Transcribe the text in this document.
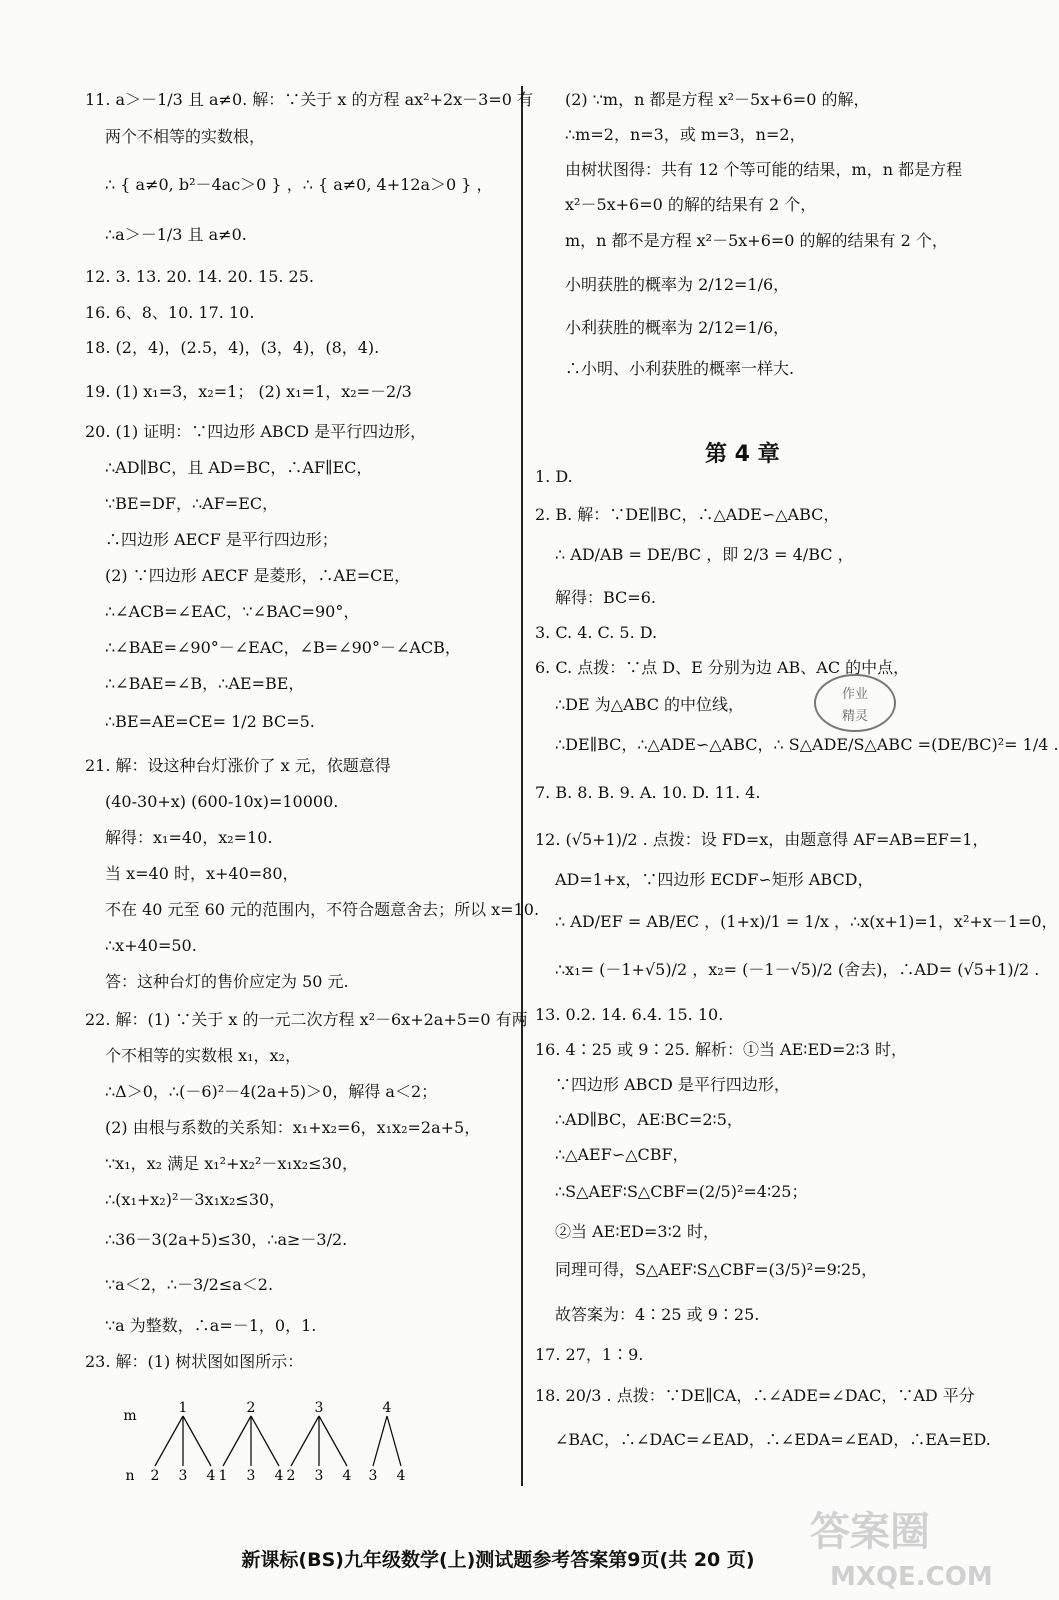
11. a＞－1/3 且 a≠0. 解：∵关于 x 的方程 ax²+2x－3=0 有
两个不相等的实数根，
∴ { a≠0, b²－4ac＞0 } ，∴ { a≠0, 4+12a＞0 } ，
∴a＞－1/3 且 a≠0.
12. 3. 13. 20. 14. 20. 15. 25.
16. 6、8、10. 17. 10.
18. (2，4)，(2.5，4)，(3，4)，(8，4).
19. (1) x₁=3，x₂=1； (2) x₁=1，x₂=－2/3
20. (1) 证明：∵四边形 ABCD 是平行四边形，
∴AD∥BC，且 AD=BC，∴AF∥EC，
∵BE=DF，∴AF=EC，
∴四边形 AECF 是平行四边形；
(2) ∵四边形 AECF 是菱形，∴AE=CE，
∴∠ACB=∠EAC，∵∠BAC=90°，
∴∠BAE=∠90°－∠EAC，∠B=∠90°－∠ACB，
∴∠BAE=∠B，∴AE=BE，
∴BE=AE=CE= 1/2 BC=5.
21. 解：设这种台灯涨价了 x 元，依题意得
(40-30+x) (600-10x)=10000.
解得：x₁=40，x₂=10.
当 x=40 时，x+40=80，
不在 40 元至 60 元的范围内，不符合题意舍去；所以 x=10.
∴x+40=50.
答：这种台灯的售价应定为 50 元.
22. 解：(1) ∵关于 x 的一元二次方程 x²－6x+2a+5=0 有两
个不相等的实数根 x₁，x₂，
∴Δ＞0，∴(－6)²－4(2a+5)＞0，解得 a＜2；
(2) 由根与系数的关系知：x₁+x₂=6，x₁x₂=2a+5，
∵x₁，x₂ 满足 x₁²+x₂²－x₁x₂≤30，
∴(x₁+x₂)²－3x₁x₂≤30，
∴36－3(2a+5)≤30，∴a≥－3/2.
∵a＜2，∴－3/2≤a＜2.
∵a 为整数，∴a=－1，0，1.
23. 解：(1) 树状图如图所示：
(2) ∵m，n 都是方程 x²－5x+6=0 的解，
∴m=2，n=3，或 m=3，n=2，
由树状图得：共有 12 个等可能的结果，m，n 都是方程
x²－5x+6=0 的解的结果有 2 个，
m，n 都不是方程 x²－5x+6=0 的解的结果有 2 个，
小明获胜的概率为 2/12=1/6，
小利获胜的概率为 2/12=1/6，
∴小明、小利获胜的概率一样大.
1. D.
2. B. 解：∵DE∥BC，∴△ADE∽△ABC，
∴ AD/AB = DE/BC ，即 2/3 = 4/BC ，
解得：BC=6.
3. C. 4. C. 5. D.
6. C. 点拨：∵点 D、E 分别为边 AB、AC 的中点，
∴DE 为△ABC 的中位线，
∴DE∥BC，∴△ADE∽△ABC，∴ S△ADE/S△ABC =(DE/BC)²= 1/4 .
7. B. 8. B. 9. A. 10. D. 11. 4.
12. (√5+1)/2 . 点拨：设 FD=x，由题意得 AF=AB=EF=1，
AD=1+x，∵四边形 ECDF∽矩形 ABCD，
∴ AD/EF = AB/EC ，(1+x)/1 = 1/x ，∴x(x+1)=1，x²+x－1=0，
∴x₁= (－1+√5)/2 ，x₂= (－1－√5)/2 (舍去)，∴AD= (√5+1)/2 .
13. 0.2. 14. 6.4. 15. 10.
16. 4∶25 或 9∶25. 解析：①当 AE∶ED=2∶3 时，
∵四边形 ABCD 是平行四边形，
∴AD∥BC，AE∶BC=2∶5，
∴△AEF∽△CBF，
∴S△AEF∶S△CBF=(2/5)²=4∶25；
②当 AE∶ED=3∶2 时，
同理可得，S△AEF∶S△CBF=(3/5)²=9∶25，
故答案为：4∶25 或 9∶25.
17. 27，1∶9.
18. 20/3 . 点拨：∵DE∥CA，∴∠ADE=∠DAC，∵AD 平分
∠BAC，∴∠DAC=∠EAD，∴∠EDA=∠EAD，∴EA=ED.
第 4 章
m
n
1
2 3 4
2
1 3 4
3
2 3 4
4
3 4
作业
精灵
新课标(BS)九年级数学(上)测试题参考答案第9页(共 20 页)
答案圈
MXQE.COM
